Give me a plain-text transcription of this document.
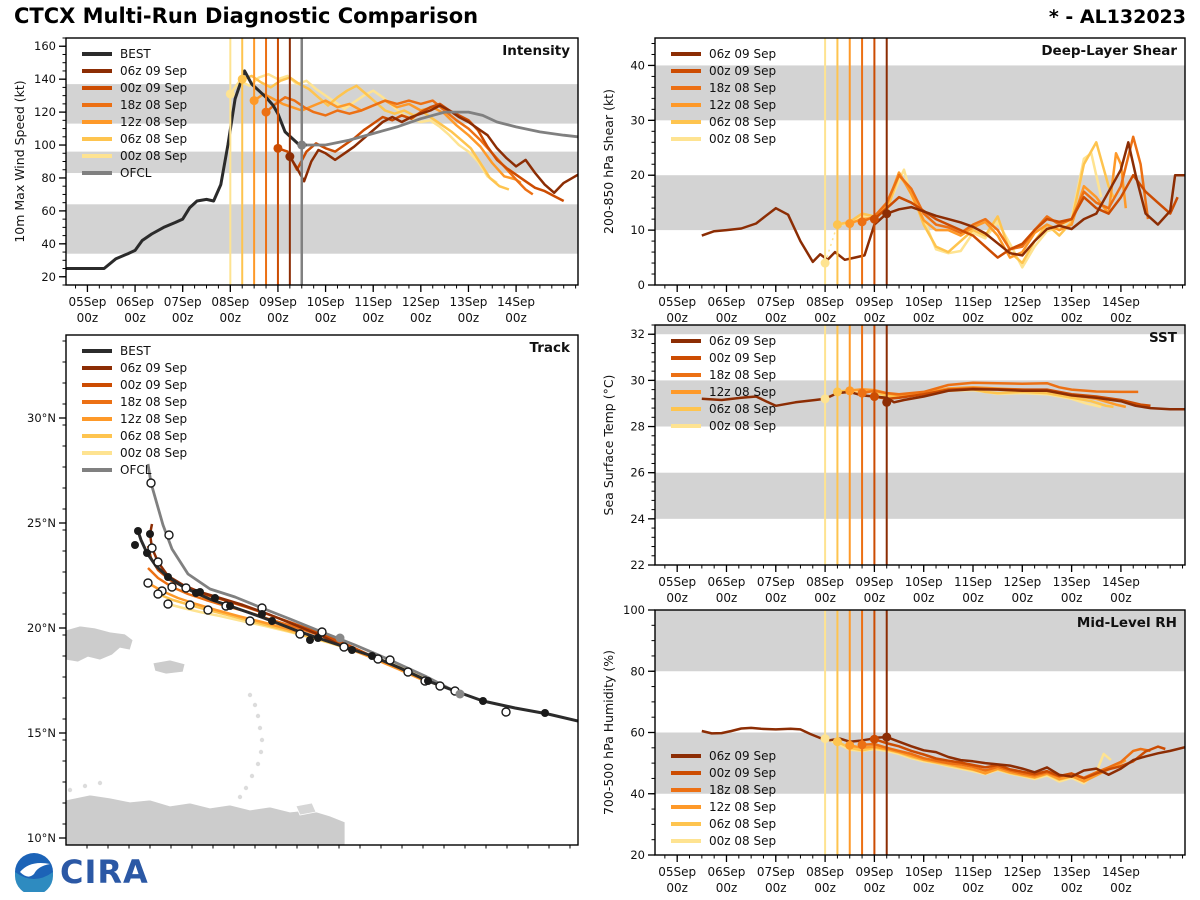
CTCX Multi-Run Diagnostic Comparison	* - AL132023
05Sep
00z
06Sep
00z
07Sep
00z
08Sep
00z
09Sep
00z
10Sep
00z
11Sep
00z
12Sep
00z
13Sep
00z
14Sep
00z
20
40
60
80
100
120
140
160
10m Max Wind Speed (kt)
BEST
06z 09 Sep
00z 09 Sep
18z 08 Sep
12z 08 Sep
06z 08 Sep
00z 08 Sep
OFCL
Intensity
05Sep
00z
06Sep
00z
07Sep
00z
08Sep
00z
09Sep
00z
10Sep
00z
11Sep
00z
12Sep
00z
13Sep
00z
14Sep
00z
0
10
20
30
40
200-850 hPa Shear (kt)
06z 09 Sep
00z 09 Sep
18z 08 Sep
12z 08 Sep
06z 08 Sep
00z 08 Sep
Deep-Layer Shear
05Sep
00z
06Sep
00z
07Sep
00z
08Sep
00z
09Sep
00z
10Sep
00z
11Sep
00z
12Sep
00z
13Sep
00z
14Sep
00z
22
24
26
28
30
32
Sea Surface Temp (°C)
06z 09 Sep
00z 09 Sep
18z 08 Sep
12z 08 Sep
06z 08 Sep
00z 08 Sep
SST
05Sep
00z
06Sep
00z
07Sep
00z
08Sep
00z
09Sep
00z
10Sep
00z
11Sep
00z
12Sep
00z
13Sep
00z
14Sep
00z
20
40
60
80
100
700-500 hPa Humidity (%)	06z 09 Sep
00z 09 Sep
18z 08 Sep
12z 08 Sep
06z 08 Sep
00z 08 Sep
Mid-Level RH
30°N
25°N
20°N
15°N
10°N
BEST
06z 09 Sep
00z 09 Sep
18z 08 Sep
12z 08 Sep
06z 08 Sep
00z 08 Sep
OFCL
Track
CIRA
